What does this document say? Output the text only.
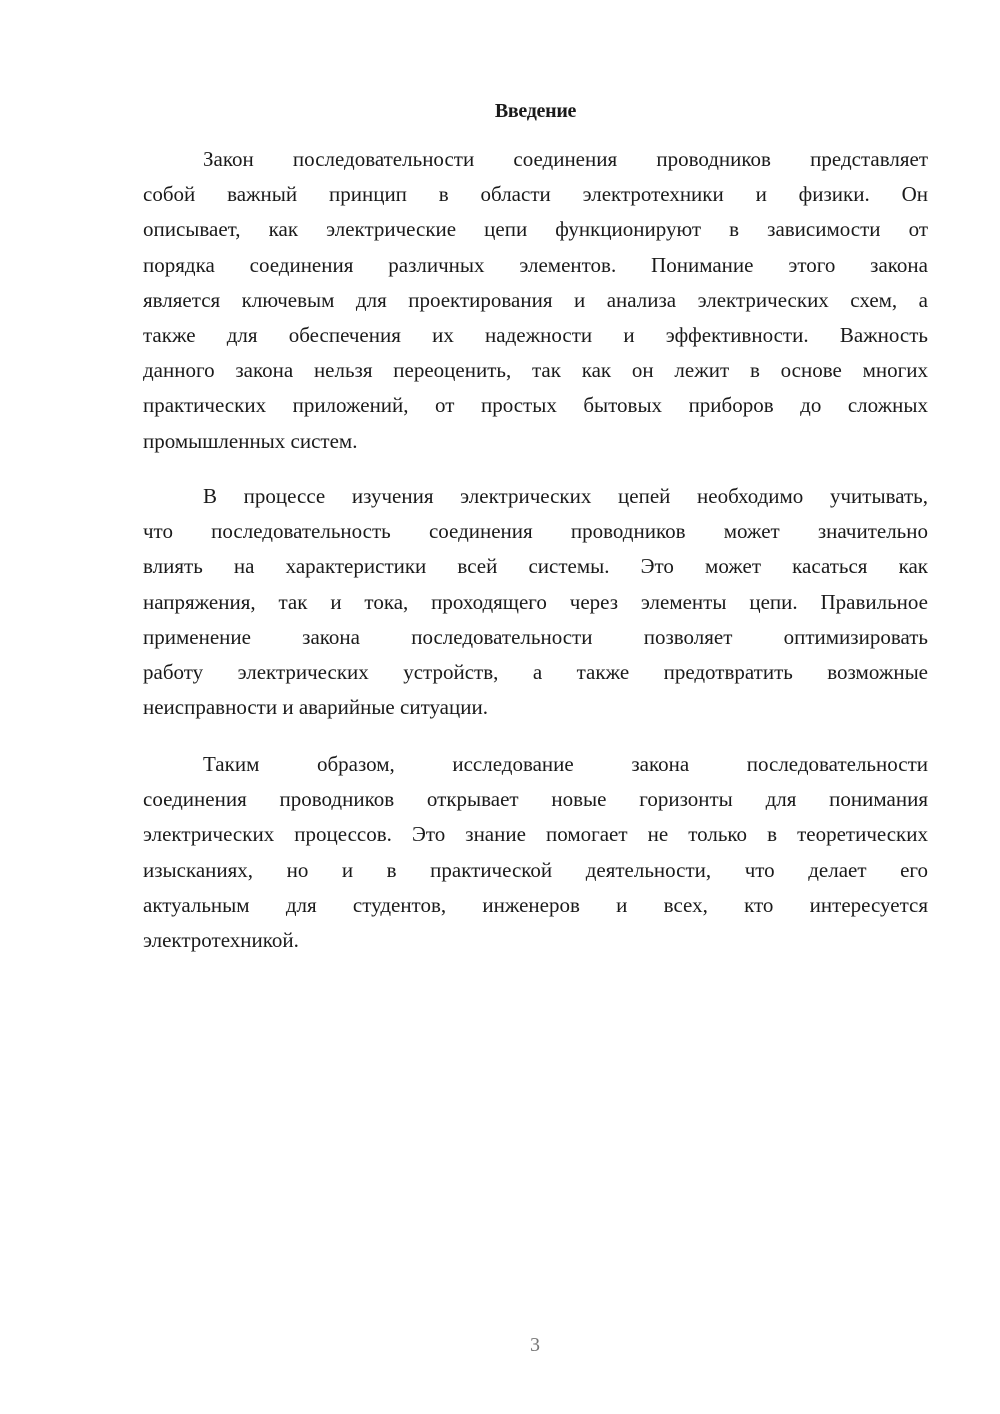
Введение
Закон последовательности соединения проводников представляет
собой важный принцип в области электротехники и физики. Он
описывает, как электрические цепи функционируют в зависимости от
порядка соединения различных элементов. Понимание этого закона
является ключевым для проектирования и анализа электрических схем, а
также для обеспечения их надежности и эффективности. Важность
данного закона нельзя переоценить, так как он лежит в основе многих
практических приложений, от простых бытовых приборов до сложных
промышленных систем.
В процессе изучения электрических цепей необходимо учитывать,
что последовательность соединения проводников может значительно
влиять на характеристики всей системы. Это может касаться как
напряжения, так и тока, проходящего через элементы цепи. Правильное
применение закона последовательности позволяет оптимизировать
работу электрических устройств, а также предотвратить возможные
неисправности и аварийные ситуации.
Таким образом, исследование закона последовательности
соединения проводников открывает новые горизонты для понимания
электрических процессов. Это знание помогает не только в теоретических
изысканиях, но и в практической деятельности, что делает его
актуальным для студентов, инженеров и всех, кто интересуется
электротехникой.
3
